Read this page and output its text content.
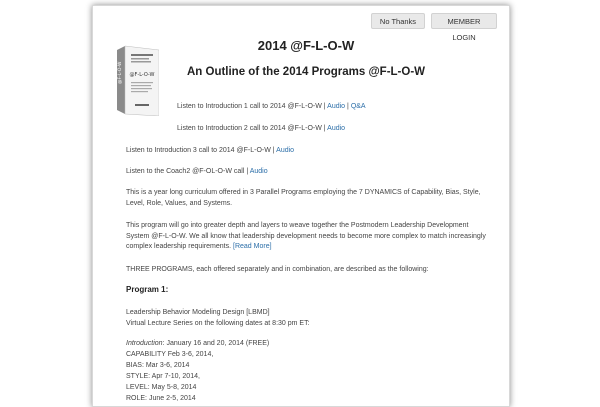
No Thanks	MEMBER LOGIN
@F-L-O-W @F-L-O-W
2014 @F-L-O-W
An Outline of the 2014 Programs @F-L-O-W
Listen to Introduction 1 call to 2014 @F-L-O-W | Audio | Q&A
Listen to Introduction 2 call to 2014 @F-L-O-W | Audio
Listen to Introduction 3 call to 2014 @F-L-O-W | Audio
Listen to the Coach2 @F-OL-O-W call | Audio
This is a year long curriculum offered in 3 Parallel Programs employing the 7 DYNAMICS of Capability, Bias, Style, Level, Role, Values, and Systems.
This program will go into greater depth and layers to weave together the Postmodern Leadership Development System @F-L-O-W. We all know that leadership development needs to become more complex to match increasingly complex leadership requirements. [Read More]
THREE PROGRAMS, each offered separately and in combination, are described as the following:
Program 1:
Leadership Behavior Modeling Design [LBMD]
Virtual Lecture Series on the following dates at 8:30 pm ET:
Introduction: January 16 and 20, 2014 (FREE)
CAPABILITY Feb 3-6, 2014,
BIAS: Mar 3-6, 2014
STYLE: Apr 7-10, 2014,
LEVEL: May 5-8, 2014
ROLE: June 2-5, 2014
